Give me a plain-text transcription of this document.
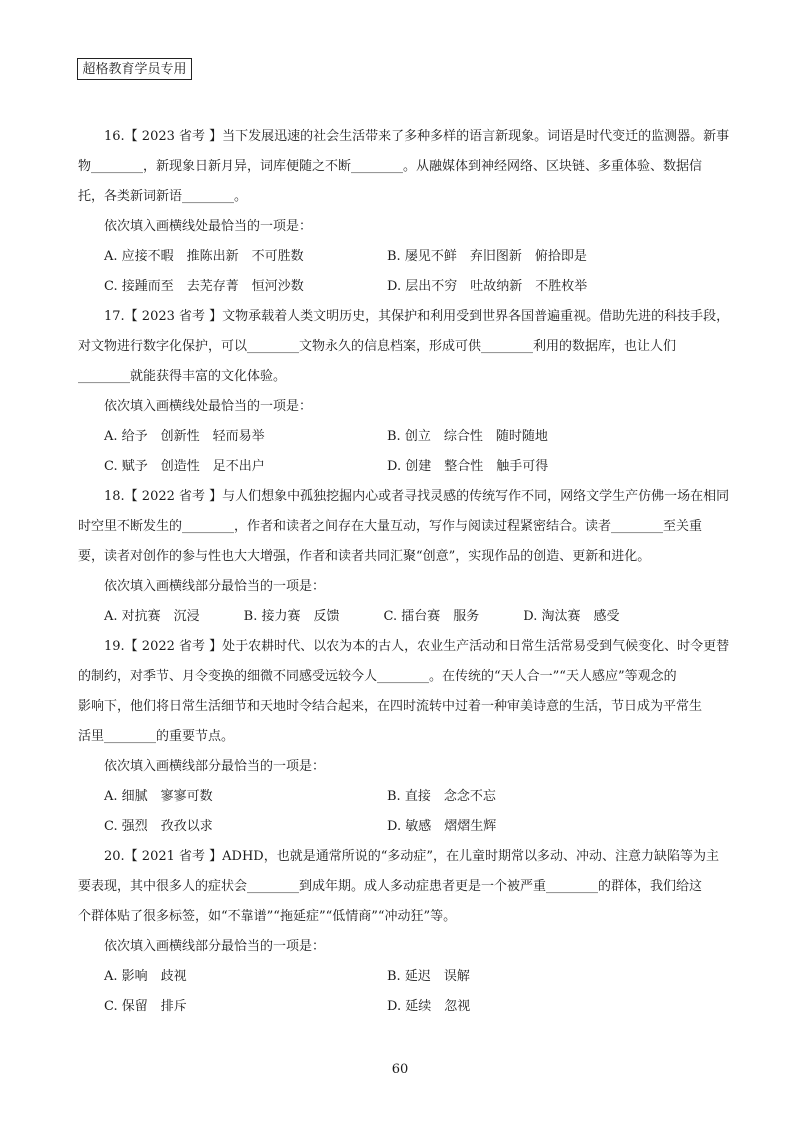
超格教育学员专用
16.【 2023 省考 】当下发展迅速的社会生活带来了多种多样的语言新现象。词语是时代变迁的监测器。新事
物________，新现象日新月异，词库便随之不断________。从融媒体到神经网络、区块链、多重体验、数据信
托，各类新词新语________。
依次填入画横线处最恰当的一项是：
A. 应接不暇　推陈出新　不可胜数	B. 屡见不鲜　弃旧图新　俯拾即是
C. 接踵而至　去芜存菁　恒河沙数	D. 层出不穷　吐故纳新　不胜枚举
17.【 2023 省考 】文物承载着人类文明历史，其保护和利用受到世界各国普遍重视。借助先进的科技手段，
对文物进行数字化保护，可以________文物永久的信息档案，形成可供________利用的数据库，也让人们
________就能获得丰富的文化体验。
依次填入画横线处最恰当的一项是：
A. 给予　创新性　轻而易举	B. 创立　综合性　随时随地
C. 赋予　创造性　足不出户	D. 创建　整合性　触手可得
18.【 2022 省考 】与人们想象中孤独挖掘内心或者寻找灵感的传统写作不同，网络文学生产仿佛一场在相同
时空里不断发生的________，作者和读者之间存在大量互动，写作与阅读过程紧密结合。读者________至关重
要，读者对创作的参与性也大大增强，作者和读者共同汇聚“创意”，实现作品的创造、更新和进化。
依次填入画横线部分最恰当的一项是：
A. 对抗赛　沉浸	B. 接力赛　反馈	C. 擂台赛　服务	D. 淘汰赛　感受
19.【 2022 省考 】处于农耕时代、以农为本的古人，农业生产活动和日常生活常易受到气候变化、时令更替
的制约，对季节、月令变换的细微不同感受远较今人________。在传统的“天人合一”“天人感应”等观念的
影响下，他们将日常生活细节和天地时令结合起来，在四时流转中过着一种审美诗意的生活，节日成为平常生
活里________的重要节点。
依次填入画横线部分最恰当的一项是：
A. 细腻　寥寥可数	B. 直接　念念不忘
C. 强烈　孜孜以求	D. 敏感　熠熠生辉
20.【 2021 省考 】ADHD，也就是通常所说的“多动症”，在儿童时期常以多动、冲动、注意力缺陷等为主
要表现，其中很多人的症状会________到成年期。成人多动症患者更是一个被严重________的群体，我们给这
个群体贴了很多标签，如“不靠谱”“拖延症”“低情商”“冲动狂”等。
依次填入画横线部分最恰当的一项是：
A. 影响　歧视	B. 延迟　误解
C. 保留　排斥	D. 延续　忽视
60
